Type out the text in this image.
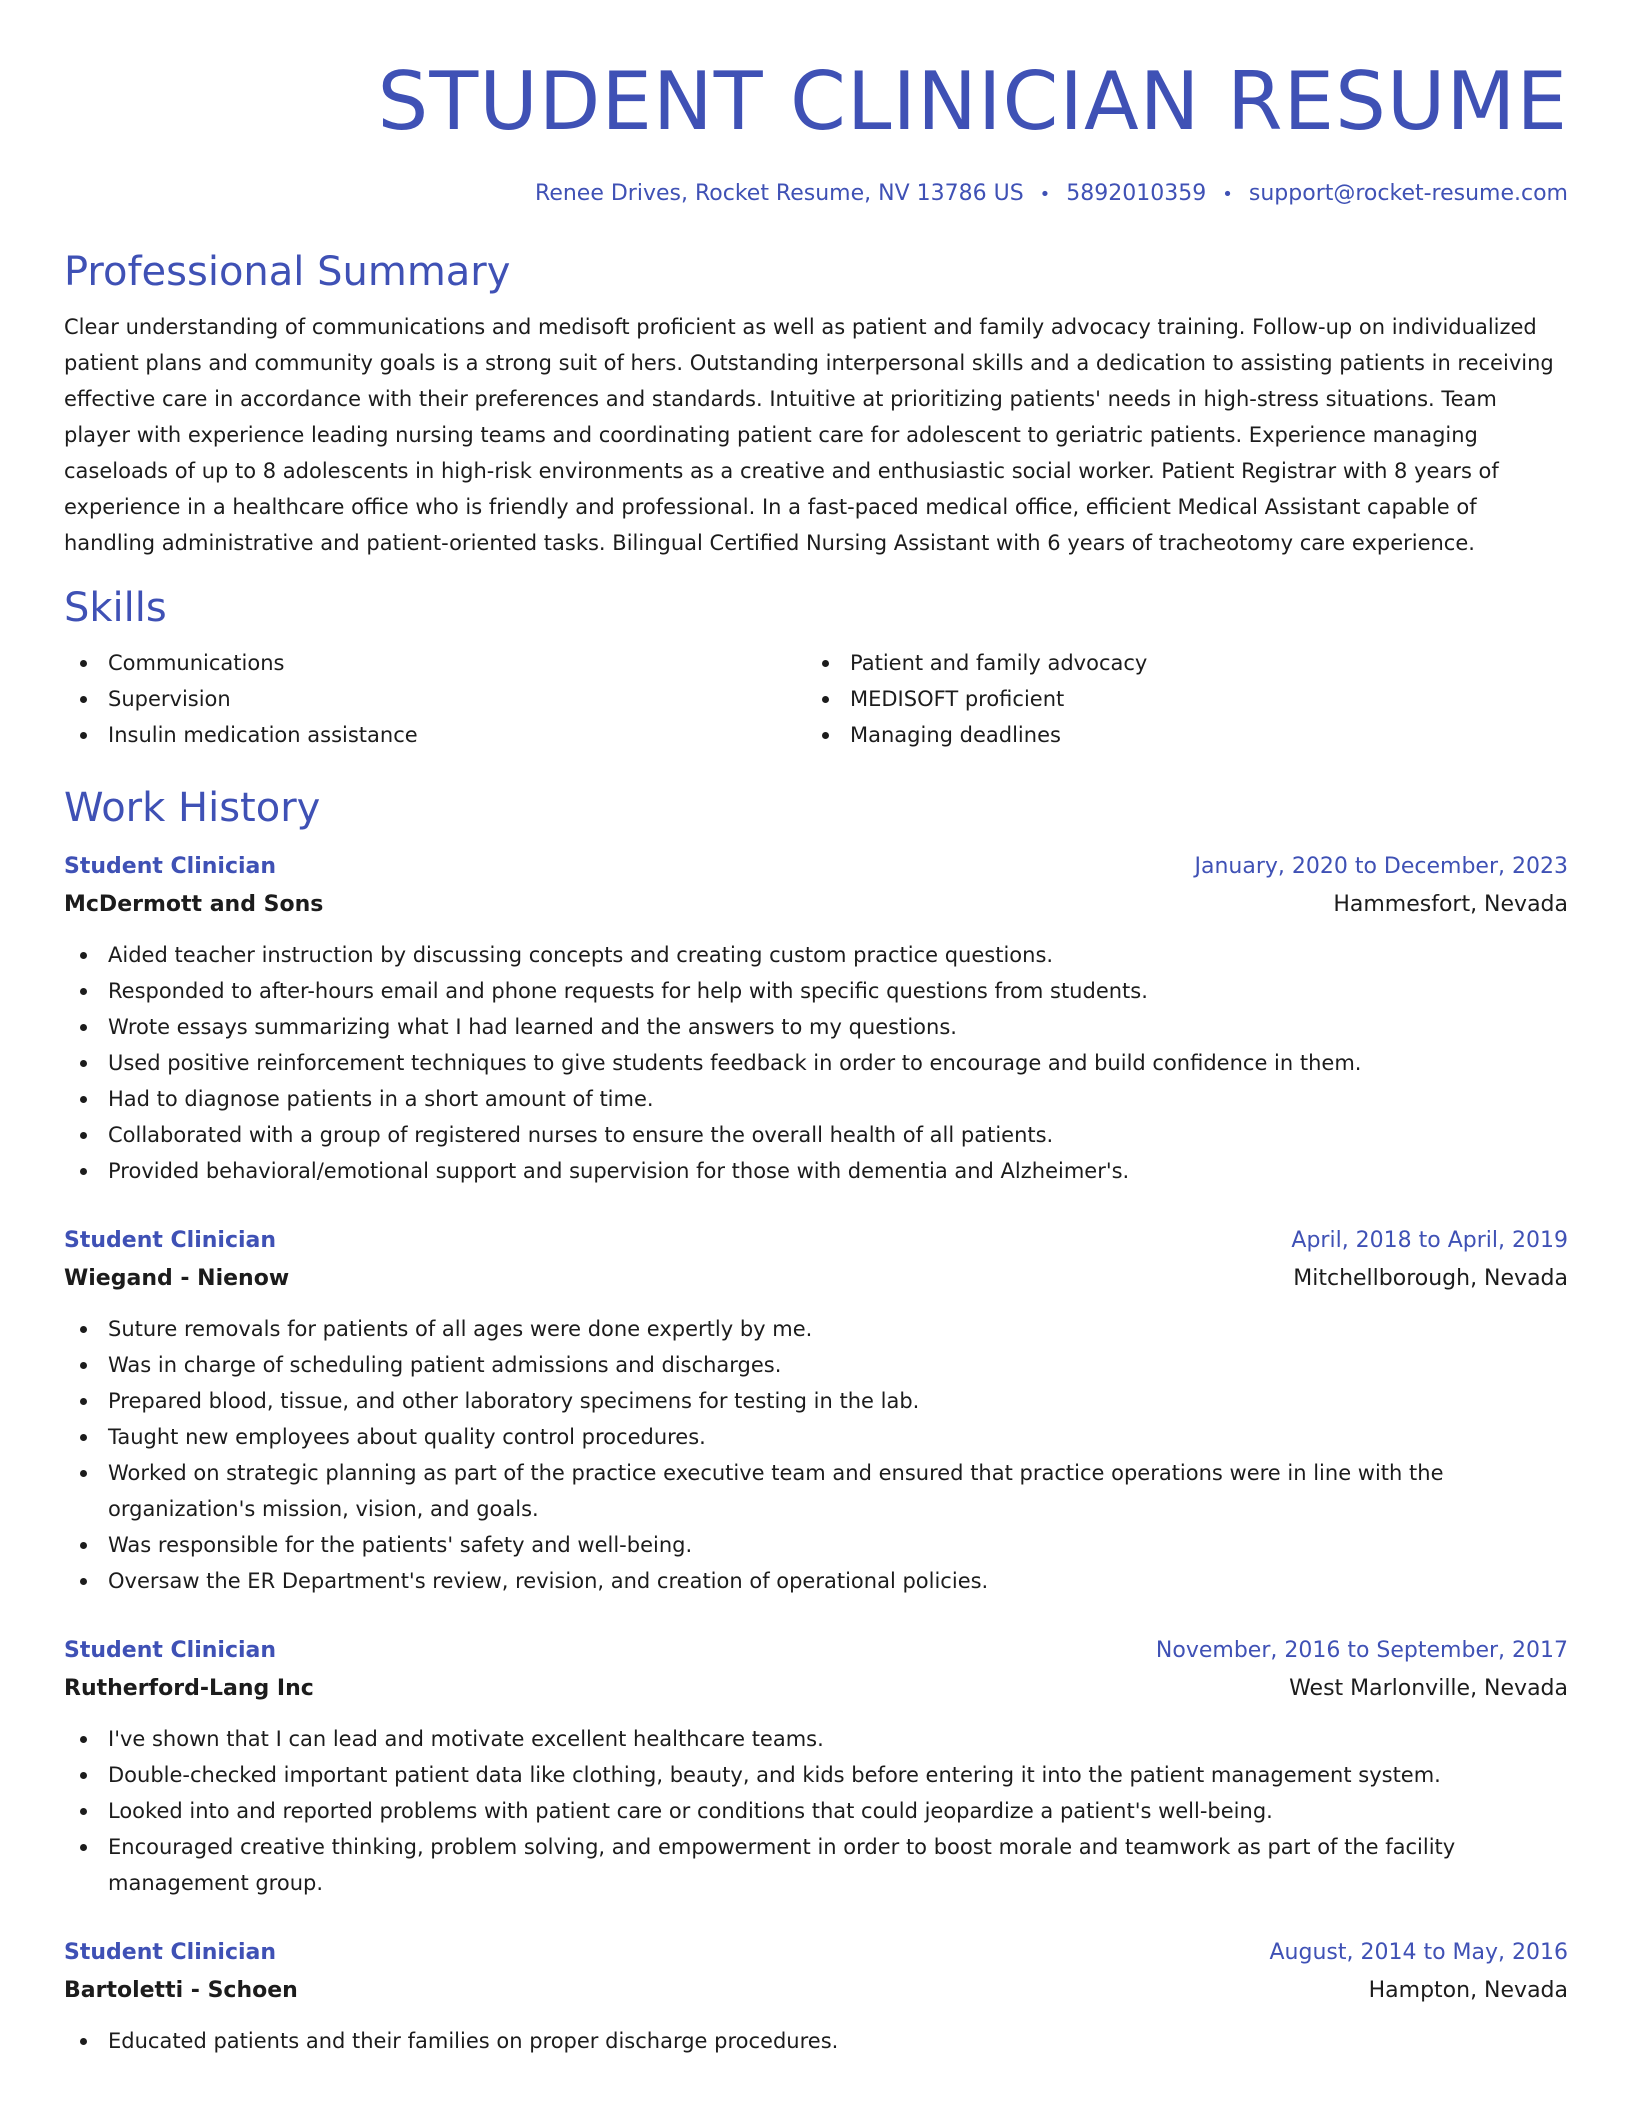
STUDENT CLINICIAN RESUME
Renee Drives, Rocket Resume, NV 13786 US • 5892010359 • support@rocket-resume.com
Professional Summary

Clear understanding of communications and medisoft proficient as well as patient and family advocacy training. Follow-up on individualized patient plans and community goals is a strong suit of hers. Outstanding interpersonal skills and a dedication to assisting patients in receiving effective care in accordance with their preferences and standards. Intuitive at prioritizing patients' needs in high-stress situations. Team player with experience leading nursing teams and coordinating patient care for adolescent to geriatric patients. Experience managing caseloads of up to 8 adolescents in high-risk environments as a creative and enthusiastic social worker. Patient Registrar with 8 years of experience in a healthcare office who is friendly and professional. In a fast-paced medical office, efficient Medical Assistant capable of handling administrative and patient-oriented tasks. Bilingual Certified Nursing Assistant with 6 years of tracheotomy care experience.

Skills
Communications
Supervision
Insulin medication assistance
Patient and family advocacy
MEDISOFT proficient
Managing deadlines
Work History
Student Clinician	January, 2020 to December, 2023
McDermott and Sons	Hammesfort, Nevada
Aided teacher instruction by discussing concepts and creating custom practice questions.
Responded to after-hours email and phone requests for help with specific questions from students.
Wrote essays summarizing what I had learned and the answers to my questions.
Used positive reinforcement techniques to give students feedback in order to encourage and build confidence in them.
Had to diagnose patients in a short amount of time.
Collaborated with a group of registered nurses to ensure the overall health of all patients.
Provided behavioral/emotional support and supervision for those with dementia and Alzheimer's.
Student Clinician	April, 2018 to April, 2019
Wiegand - Nienow	Mitchellborough, Nevada
Suture removals for patients of all ages were done expertly by me.
Was in charge of scheduling patient admissions and discharges.
Prepared blood, tissue, and other laboratory specimens for testing in the lab.
Taught new employees about quality control procedures.
Worked on strategic planning as part of the practice executive team and ensured that practice operations were in line with the organization's mission, vision, and goals.
Was responsible for the patients' safety and well-being.
Oversaw the ER Department's review, revision, and creation of operational policies.
Student Clinician	November, 2016 to September, 2017
Rutherford-Lang Inc	West Marlonville, Nevada
I've shown that I can lead and motivate excellent healthcare teams.
Double-checked important patient data like clothing, beauty, and kids before entering it into the patient management system.
Looked into and reported problems with patient care or conditions that could jeopardize a patient's well-being.
Encouraged creative thinking, problem solving, and empowerment in order to boost morale and teamwork as part of the facility management group.
Student Clinician	August, 2014 to May, 2016
Bartoletti - Schoen	Hampton, Nevada
Educated patients and their families on proper discharge procedures.
